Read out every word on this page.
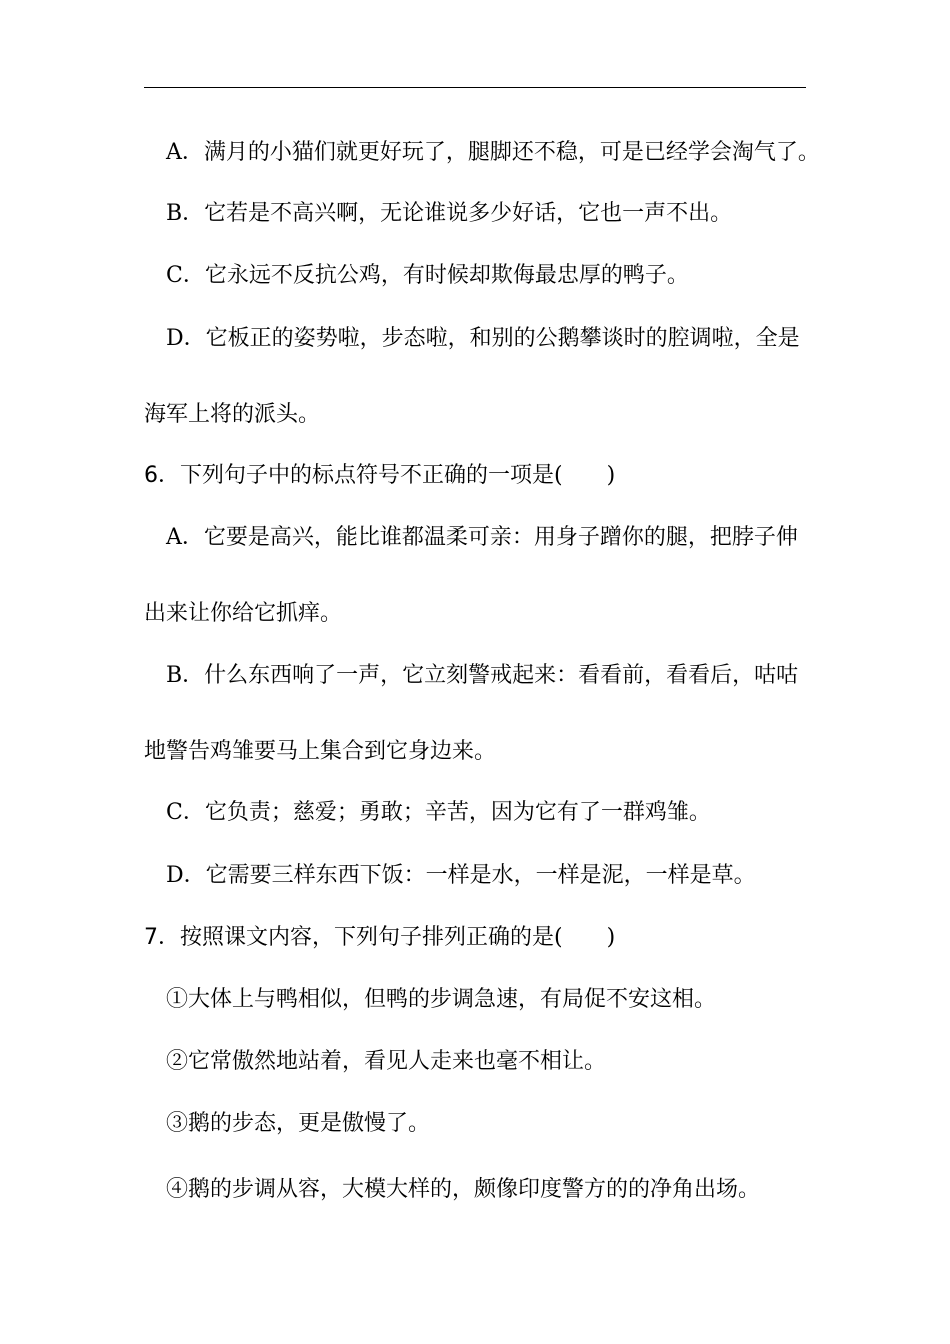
A．满月的小猫们就更好玩了，腿脚还不稳，可是已经学会淘气了。
B．它若是不高兴啊，无论谁说多少好话，它也一声不出。
C．它永远不反抗公鸡，有时候却欺侮最忠厚的鸭子。
D．它板正的姿势啦，步态啦，和别的公鹅攀谈时的腔调啦，全是
海军上将的派头。
6．下列句子中的标点符号不正确的一项是( )
A．它要是高兴，能比谁都温柔可亲：用身子蹭你的腿，把脖子伸
出来让你给它抓痒。
B．什么东西响了一声，它立刻警戒起来：看看前，看看后，咕咕
地警告鸡雏要马上集合到它身边来。
C．它负责；慈爱；勇敢；辛苦，因为它有了一群鸡雏。
D．它需要三样东西下饭：一样是水，一样是泥，一样是草。
7．按照课文内容，下列句子排列正确的是( )
①大体上与鸭相似，但鸭的步调急速，有局促不安这相。
②它常傲然地站着，看见人走来也毫不相让。
③鹅的步态，更是傲慢了。
④鹅的步调从容，大模大样的，颇像印度警方的的净角出场。
